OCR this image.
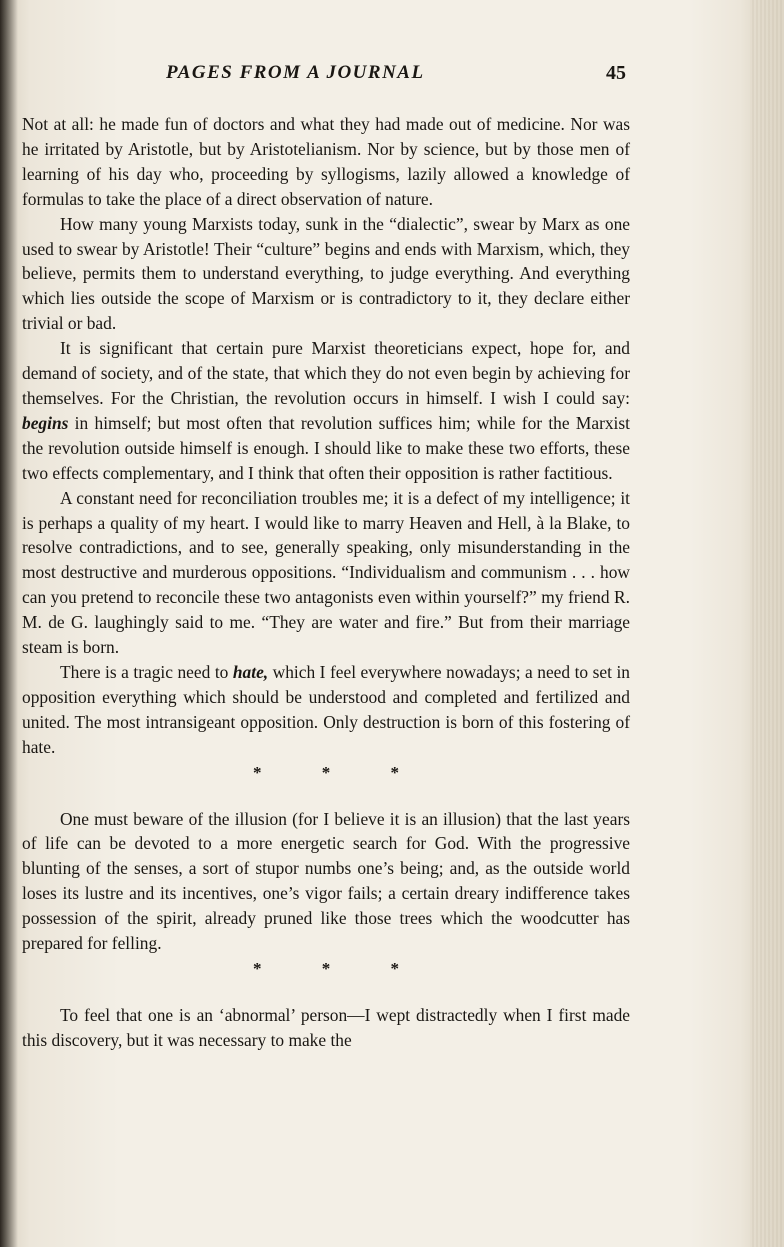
PAGES FROM A JOURNAL	45

Not at all: he made fun of doctors and what they had made out of medicine. Nor was he irritated by Aristotle, but by Aristotelianism. Nor by science, but by those men of learning of his day who, proceeding by syllogisms, lazily allowed a knowledge of formulas to take the place of a direct observation of nature.

How many young Marxists today, sunk in the “dialectic”, swear by Marx as one used to swear by Aristotle! Their “culture” begins and ends with Marxism, which, they believe, permits them to understand everything, to judge everything. And everything which lies outside the scope of Marxism or is contradictory to it, they declare either trivial or bad.

It is significant that certain pure Marxist theoreticians expect, hope for, and demand of society, and of the state, that which they do not even begin by achieving for themselves. For the Christian, the revolution occurs in himself. I wish I could say: begins in himself; but most often that revolution suffices him; while for the Marxist the revolution outside himself is enough. I should like to make these two efforts, these two effects complementary, and I think that often their opposition is rather factitious.

A constant need for reconciliation troubles me; it is a defect of my intelligence; it is perhaps a quality of my heart. I would like to marry Heaven and Hell, à la Blake, to resolve contradictions, and to see, generally speaking, only misunderstanding in the most destructive and murderous oppositions. “Individualism and communism . . . how can you pretend to reconcile these two antagonists even within yourself?” my friend R. M. de G. laughingly said to me. “They are water and fire.” But from their marriage steam is born.

There is a tragic need to hate, which I feel everywhere nowadays; a need to set in opposition everything which should be understood and completed and fertilized and united. The most intransigeant opposition. Only destruction is born of this fostering of hate.

* * *

One must beware of the illusion (for I believe it is an illusion) that the last years of life can be devoted to a more energetic search for God. With the progressive blunting of the senses, a sort of stupor numbs one’s being; and, as the outside world loses its lustre and its incentives, one’s vigor fails; a certain dreary indifference takes possession of the spirit, already pruned like those trees which the woodcutter has prepared for felling.

* * *

To feel that one is an ‘abnormal’ person—I wept distractedly when I first made this discovery, but it was necessary to make the
